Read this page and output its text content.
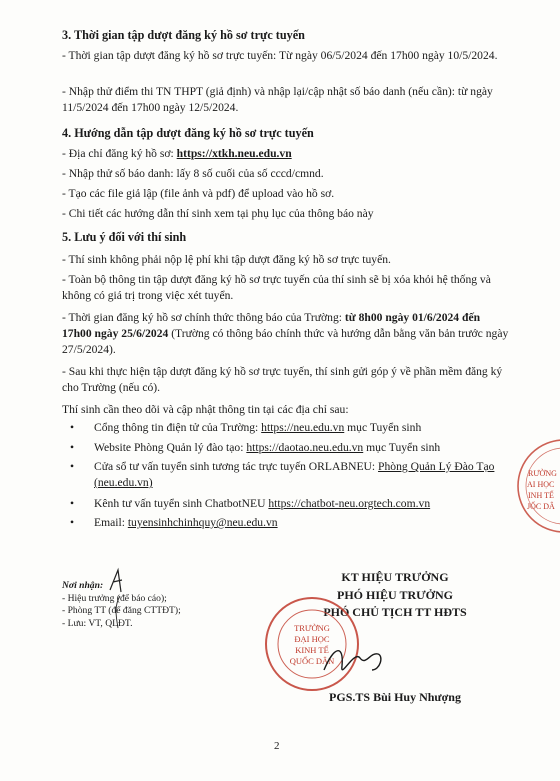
3. Thời gian tập dượt đăng ký hồ sơ trực tuyến

- Thời gian tập dượt đăng ký hồ sơ trực tuyến: Từ ngày 06/5/2024 đến 17h00 ngày 10/5/2024.

- Nhập thử điểm thi TN THPT (giả định) và nhập lại/cập nhật số báo danh (nếu cần): từ ngày 11/5/2024 đến 17h00 ngày 12/5/2024.

4. Hướng dẫn tập dượt đăng ký hồ sơ trực tuyến

- Địa chỉ đăng ký hồ sơ: https://xtkh.neu.edu.vn

- Nhập thử số báo danh: lấy 8 số cuối của số cccd/cmnd.

- Tạo các file giả lập (file ảnh và pdf) để upload vào hồ sơ.

- Chi tiết các hướng dẫn thí sinh xem tại phụ lục của thông báo này

5. Lưu ý đối với thí sinh

- Thí sinh không phải nộp lệ phí khi tập dượt đăng ký hồ sơ trực tuyến.

- Toàn bộ thông tin tập dượt đăng ký hồ sơ trực tuyến của thí sinh sẽ bị xóa khỏi hệ thống và không có giá trị trong việc xét tuyển.

- Thời gian đăng ký hồ sơ chính thức thông báo của Trường: từ 8h00 ngày 01/6/2024 đến 17h00 ngày 25/6/2024 (Trường có thông báo chính thức và hướng dẫn bằng văn bản trước ngày 27/5/2024).

- Sau khi thực hiện tập dượt đăng ký hồ sơ trực tuyến, thí sinh gửi góp ý về phần mềm đăng ký cho Trường (nếu có).

Thí sinh cần theo dõi và cập nhật thông tin tại các địa chỉ sau:

• Cổng thông tin điện tử của Trường: https://neu.edu.vn mục Tuyển sinh
• Website Phòng Quản lý đào tạo: https://daotao.neu.edu.vn mục Tuyển sinh
• Cửa sổ tư vấn tuyển sinh tương tác trực tuyến ORLABNEU: Phòng Quản Lý Đào Tạo (neu.edu.vn)
• Kênh tư vấn tuyển sinh ChatbotNEU https://chatbot-neu.orgtech.com.vn
• Email: tuyensinhchinhquy@neu.edu.vn
RƯỜNG
AI HỌC
INH TẾ
JỐC DÂ
Nơi nhận:
- Hiệu trưởng (để báo cáo);
- Phòng TT (để đăng CTTĐT);
- Lưu: VT, QLĐT.
KT HIỆU TRƯỞNG
PHÓ HIỆU TRƯỞNG
PHÓ CHỦ TỊCH TT HĐTS
TRƯỜNG
ĐẠI HỌC
KINH TẾ
QUỐC DÂN
PGS.TS Bùi Huy Nhượng
2
